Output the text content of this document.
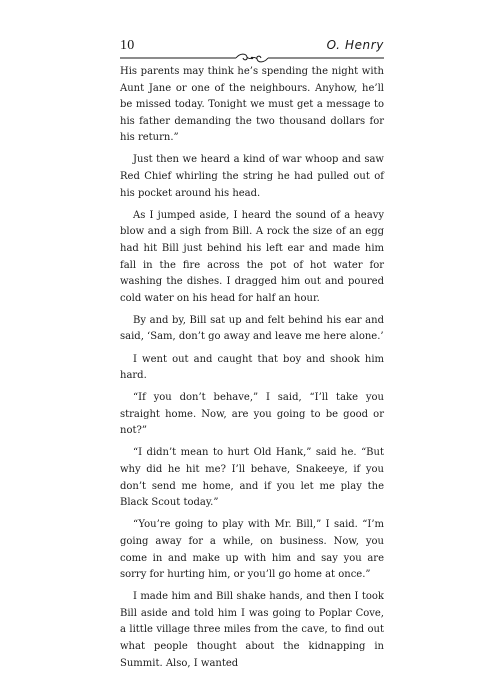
10	O. Henry

His parents may think he’s spending the night with Aunt Jane or one of the neighbours. Anyhow, he’ll be missed today. Tonight we must get a message to his father demanding the two thousand dollars for his return.”

Just then we heard a kind of war whoop and saw Red Chief whirling the string he had pulled out of his pocket around his head.

As I jumped aside, I heard the sound of a heavy blow and a sigh from Bill. A rock the size of an egg had hit Bill just behind his left ear and made him fall in the fire across the pot of hot water for washing the dishes. I dragged him out and poured cold water on his head for half an hour.

By and by, Bill sat up and felt behind his ear and said, ‘Sam, don’t go away and leave me here alone.’

I went out and caught that boy and shook him hard.

“If you don’t behave,” I said, “I’ll take you straight home. Now, are you going to be good or not?”

“I didn’t mean to hurt Old Hank,” said he. “But why did he hit me? I’ll behave, Snakeeye, if you don’t send me home, and if you let me play the Black Scout today.”

“You’re going to play with Mr. Bill,” I said. “I’m going away for a while, on business. Now, you come in and make up with him and say you are sorry for hurting him, or you’ll go home at once.”

I made him and Bill shake hands, and then I took Bill aside and told him I was going to Poplar Cove, a little village three miles from the cave, to find out what people thought about the kidnapping in Summit. Also, I wanted
